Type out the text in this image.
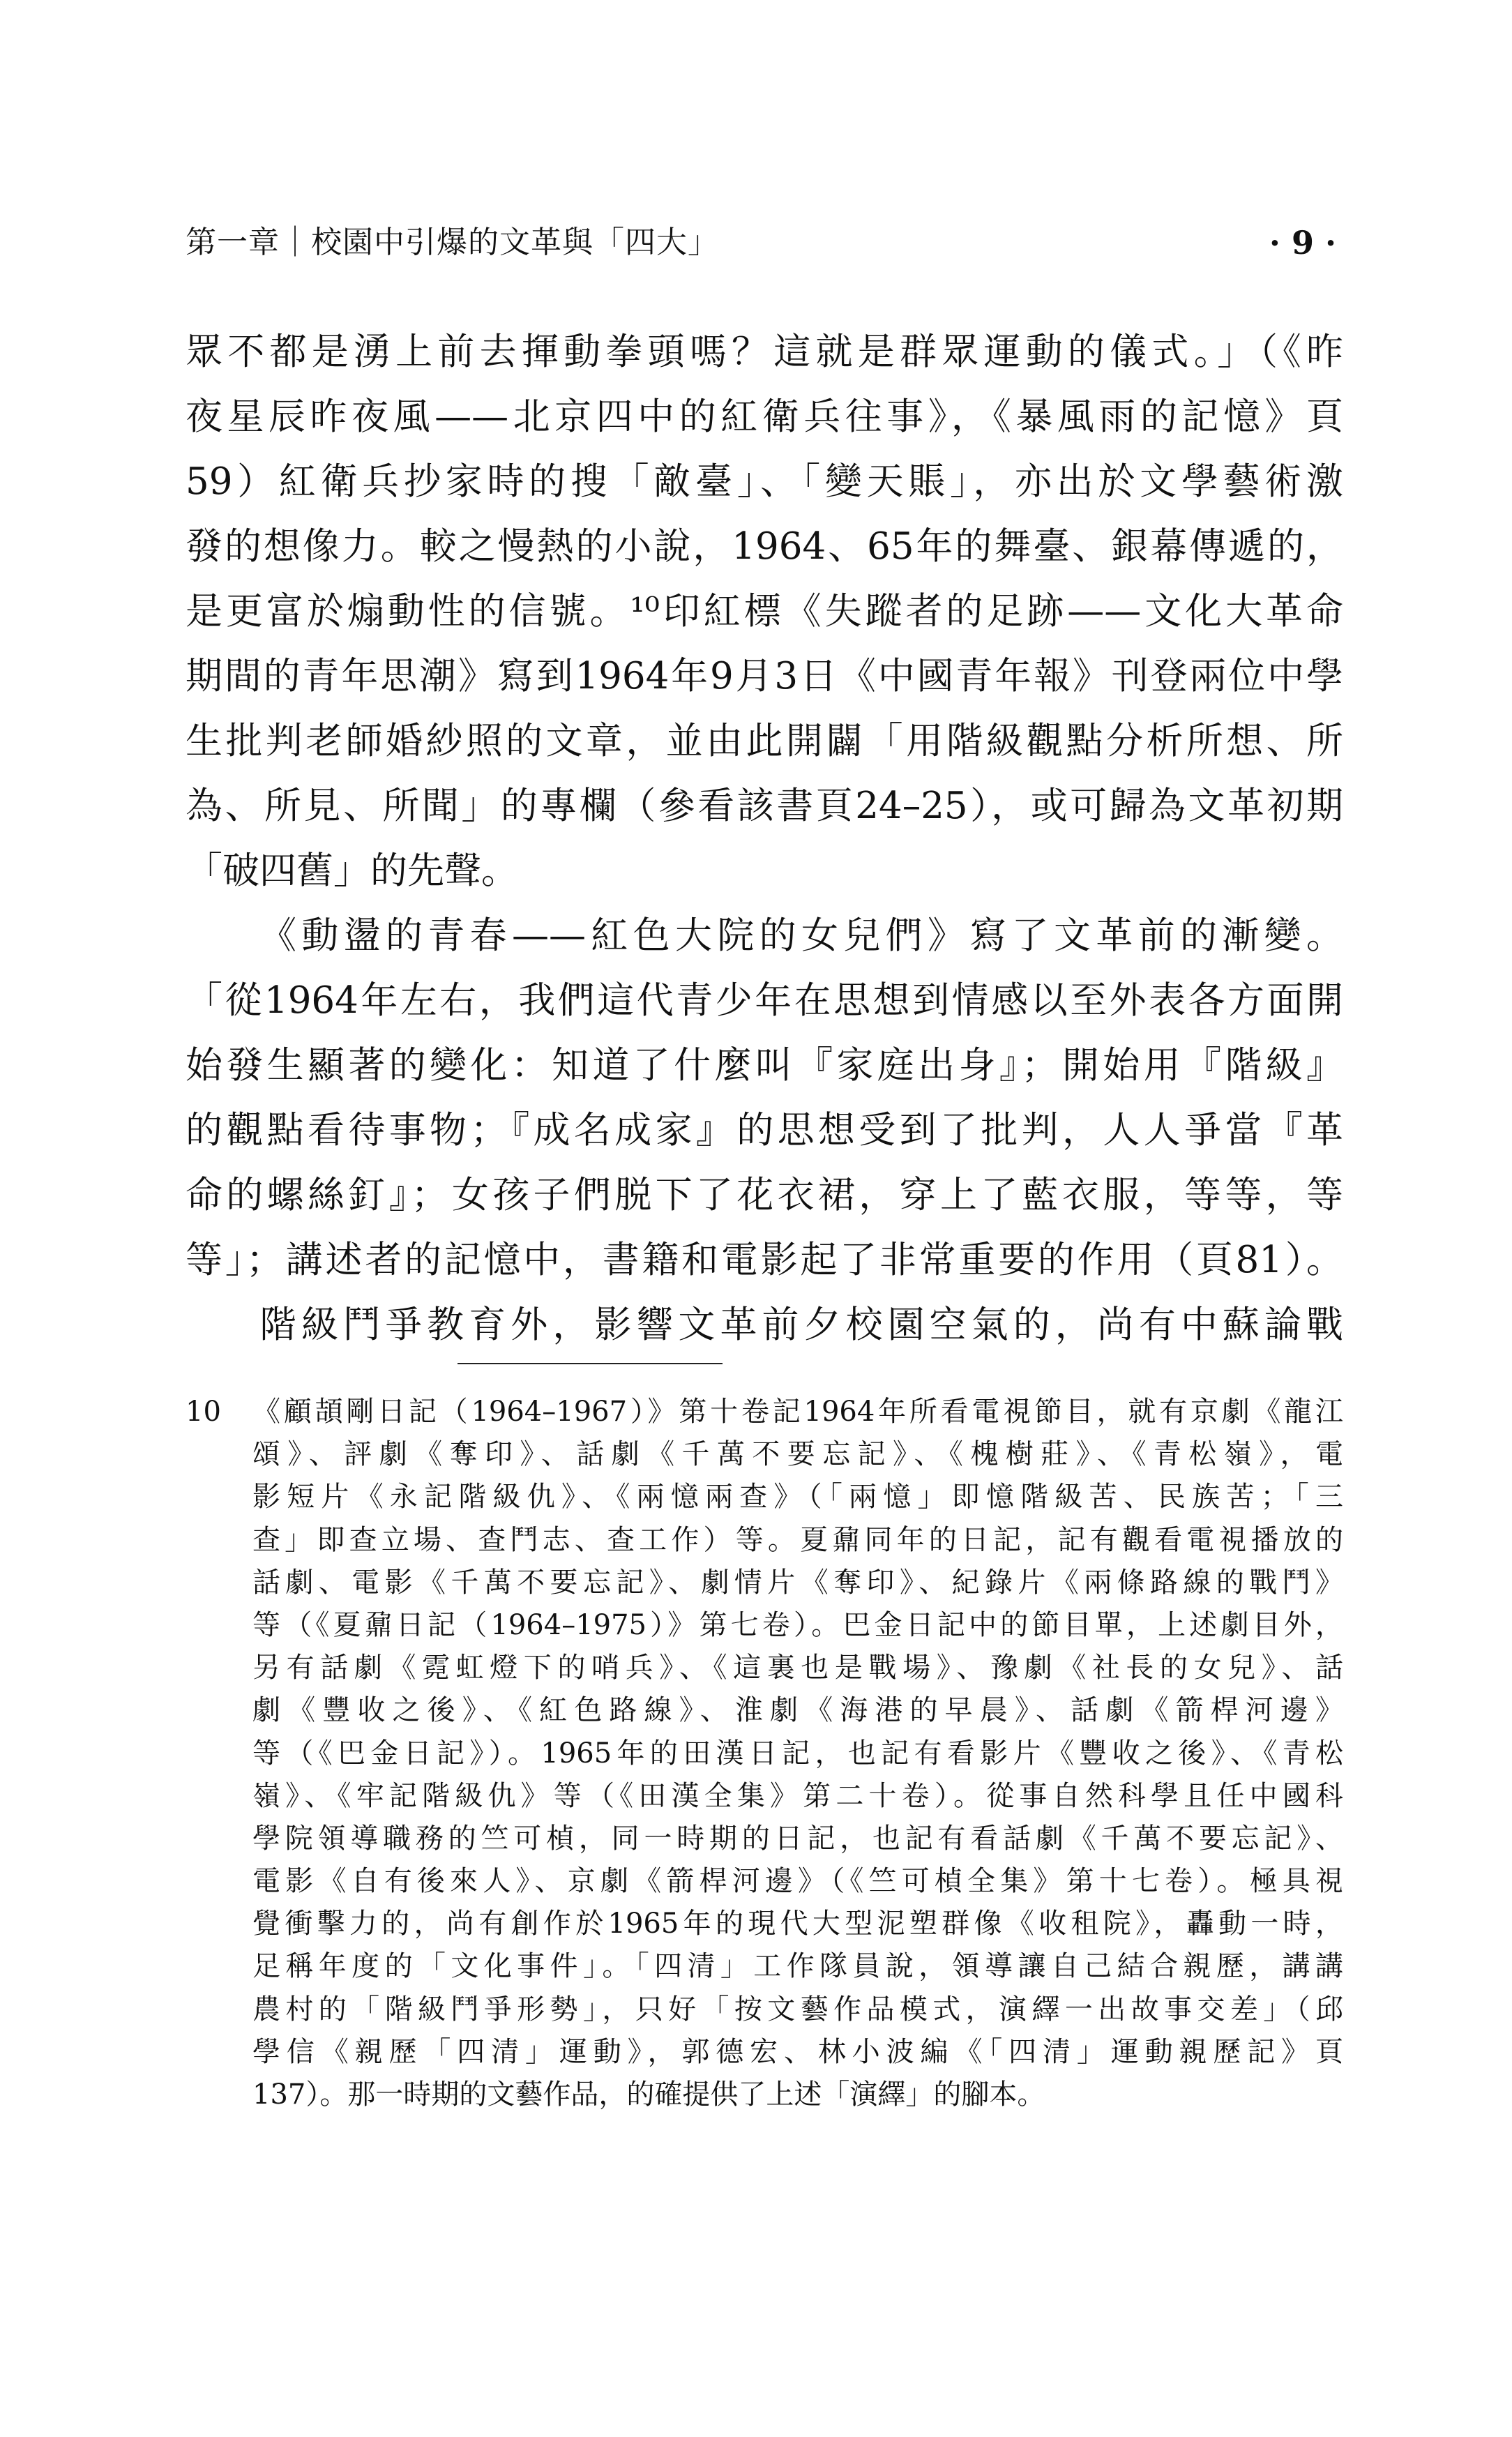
第一章｜校園中引爆的文革與「四大」	· 9 ·
眾不都是湧上前去揮動拳頭嗎？這就是群眾運動的儀式。」（《昨
夜星辰昨夜風——北京四中的紅衛兵往事》，《暴風雨的記憶》頁
59）紅衛兵抄家時的搜「敵臺」、「變天賬」，亦出於文學藝術激
發的想像力。較之慢熱的小說，1964、65年的舞臺、銀幕傳遞的，
是更富於煽動性的信號。¹⁰印紅標《失蹤者的足跡——文化大革命
期間的青年思潮》寫到1964年9月3日《中國青年報》刊登兩位中學
生批判老師婚紗照的文章，並由此開闢「用階級觀點分析所想、所
為、所見、所聞」的專欄（參看該書頁24–25），或可歸為文革初期
「破四舊」的先聲。
《動盪的青春——紅色大院的女兒們》寫了文革前的漸變。
「從1964年左右，我們這代青少年在思想到情感以至外表各方面開
始發生顯著的變化：知道了什麼叫『家庭出身』；開始用『階級』
的觀點看待事物；『成名成家』的思想受到了批判，人人爭當『革
命的螺絲釘』；女孩子們脱下了花衣裙，穿上了藍衣服，等等，等
等」；講述者的記憶中，書籍和電影起了非常重要的作用（頁81）。
階級鬥爭教育外，影響文革前夕校園空氣的，尚有中蘇論戰
10 《顧頡剛日記（1964–1967）》第十卷記1964年所看電視節目，就有京劇《龍江
頌》、評劇《奪印》、話劇《千萬不要忘記》、《槐樹莊》、《青松嶺》，電
影短片《永記階級仇》、《兩憶兩查》（「兩憶」即憶階級苦、民族苦；「三
查」即查立場、查鬥志、查工作）等。夏鼐同年的日記，記有觀看電視播放的
話劇、電影《千萬不要忘記》、劇情片《奪印》、紀錄片《兩條路線的戰鬥》
等（《夏鼐日記（1964–1975）》第七卷）。巴金日記中的節目單，上述劇目外，
另有話劇《霓虹燈下的哨兵》、《這裏也是戰場》、豫劇《社長的女兒》、話
劇《豐收之後》、《紅色路線》、淮劇《海港的早晨》、話劇《箭桿河邊》
等（《巴金日記》）。1965年的田漢日記，也記有看影片《豐收之後》、《青松
嶺》、《牢記階級仇》等（《田漢全集》第二十卷）。從事自然科學且任中國科
學院領導職務的竺可楨，同一時期的日記，也記有看話劇《千萬不要忘記》、
電影《自有後來人》、京劇《箭桿河邊》（《竺可楨全集》第十七卷）。極具視
覺衝擊力的，尚有創作於1965年的現代大型泥塑群像《收租院》，轟動一時，
足稱年度的「文化事件」。「四清」工作隊員說，領導讓自己結合親歷，講講
農村的「階級鬥爭形勢」，只好「按文藝作品模式，演繹一出故事交差」（邱
學信《親歷「四清」運動》，郭德宏、林小波編《「四清」運動親歷記》頁
137）。那一時期的文藝作品，的確提供了上述「演繹」的腳本。
